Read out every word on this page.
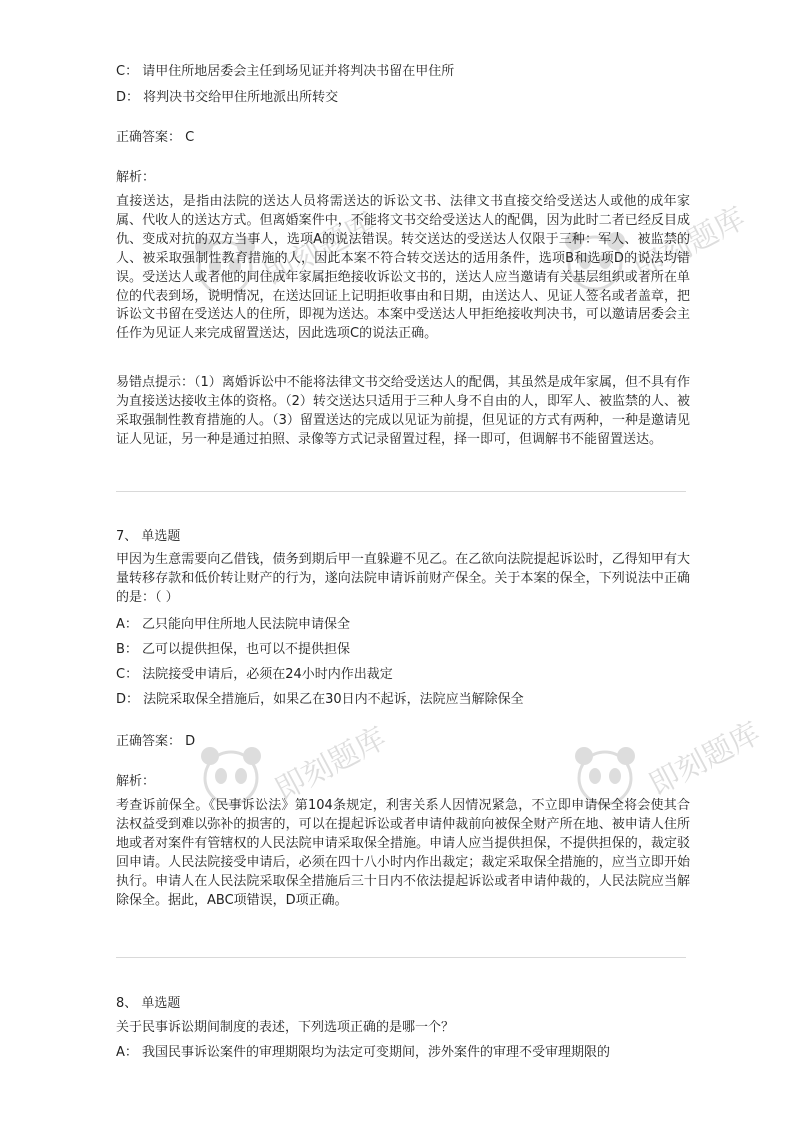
即刻题库	即刻题库
即刻题库	即刻题库
C： 请甲住所地居委会主任到场见证并将判决书留在甲住所
D： 将判决书交给甲住所地派出所转交
正确答案： C
解析：
直接送达，是指由法院的送达人员将需送达的诉讼文书、法律文书直接交给受送达人或他的成年家属、代收人的送达方式。但离婚案件中，不能将文书交给受送达人的配偶，因为此时二者已经反目成仇、变成对抗的双方当事人，选项A的说法错误。转交送达的受送达人仅限于三种：军人、被监禁的人、被采取强制性教育措施的人，因此本案不符合转交送达的适用条件，选项B和选项D的说法均错误。受送达人或者他的同住成年家属拒绝接收诉讼文书的，送达人应当邀请有关基层组织或者所在单位的代表到场，说明情况，在送达回证上记明拒收事由和日期，由送达人、见证人签名或者盖章，把诉讼文书留在受送达人的住所，即视为送达。本案中受送达人甲拒绝接收判决书，可以邀请居委会主任作为见证人来完成留置送达，因此选项C的说法正确。
易错点提示：（1）离婚诉讼中不能将法律文书交给受送达人的配偶，其虽然是成年家属，但不具有作为直接送达接收主体的资格。（2）转交送达只适用于三种人身不自由的人，即军人、被监禁的人、被采取强制性教育措施的人。（3）留置送达的完成以见证为前提，但见证的方式有两种，一种是邀请见证人见证，另一种是通过拍照、录像等方式记录留置过程，择一即可，但调解书不能留置送达。
7、 单选题
甲因为生意需要向乙借钱，债务到期后甲一直躲避不见乙。在乙欲向法院提起诉讼时，乙得知甲有大量转移存款和低价转让财产的行为，遂向法院申请诉前财产保全。关于本案的保全，下列说法中正确的是：（ ）
A： 乙只能向甲住所地人民法院申请保全
B： 乙可以提供担保，也可以不提供担保
C： 法院接受申请后，必须在24小时内作出裁定
D： 法院采取保全措施后，如果乙在30日内不起诉，法院应当解除保全
正确答案： D
解析：
考查诉前保全。《民事诉讼法》第104条规定，利害关系人因情况紧急，不立即申请保全将会使其合法权益受到难以弥补的损害的，可以在提起诉讼或者申请仲裁前向被保全财产所在地、被申请人住所地或者对案件有管辖权的人民法院申请采取保全措施。申请人应当提供担保，不提供担保的，裁定驳回申请。人民法院接受申请后，必须在四十八小时内作出裁定；裁定采取保全措施的，应当立即开始执行。申请人在人民法院采取保全措施后三十日内不依法提起诉讼或者申请仲裁的，人民法院应当解除保全。据此，ABC项错误，D项正确。
8、 单选题
关于民事诉讼期间制度的表述，下列选项正确的是哪一个？
A： 我国民事诉讼案件的审理期限均为法定可变期间，涉外案件的审理不受审理期限的
